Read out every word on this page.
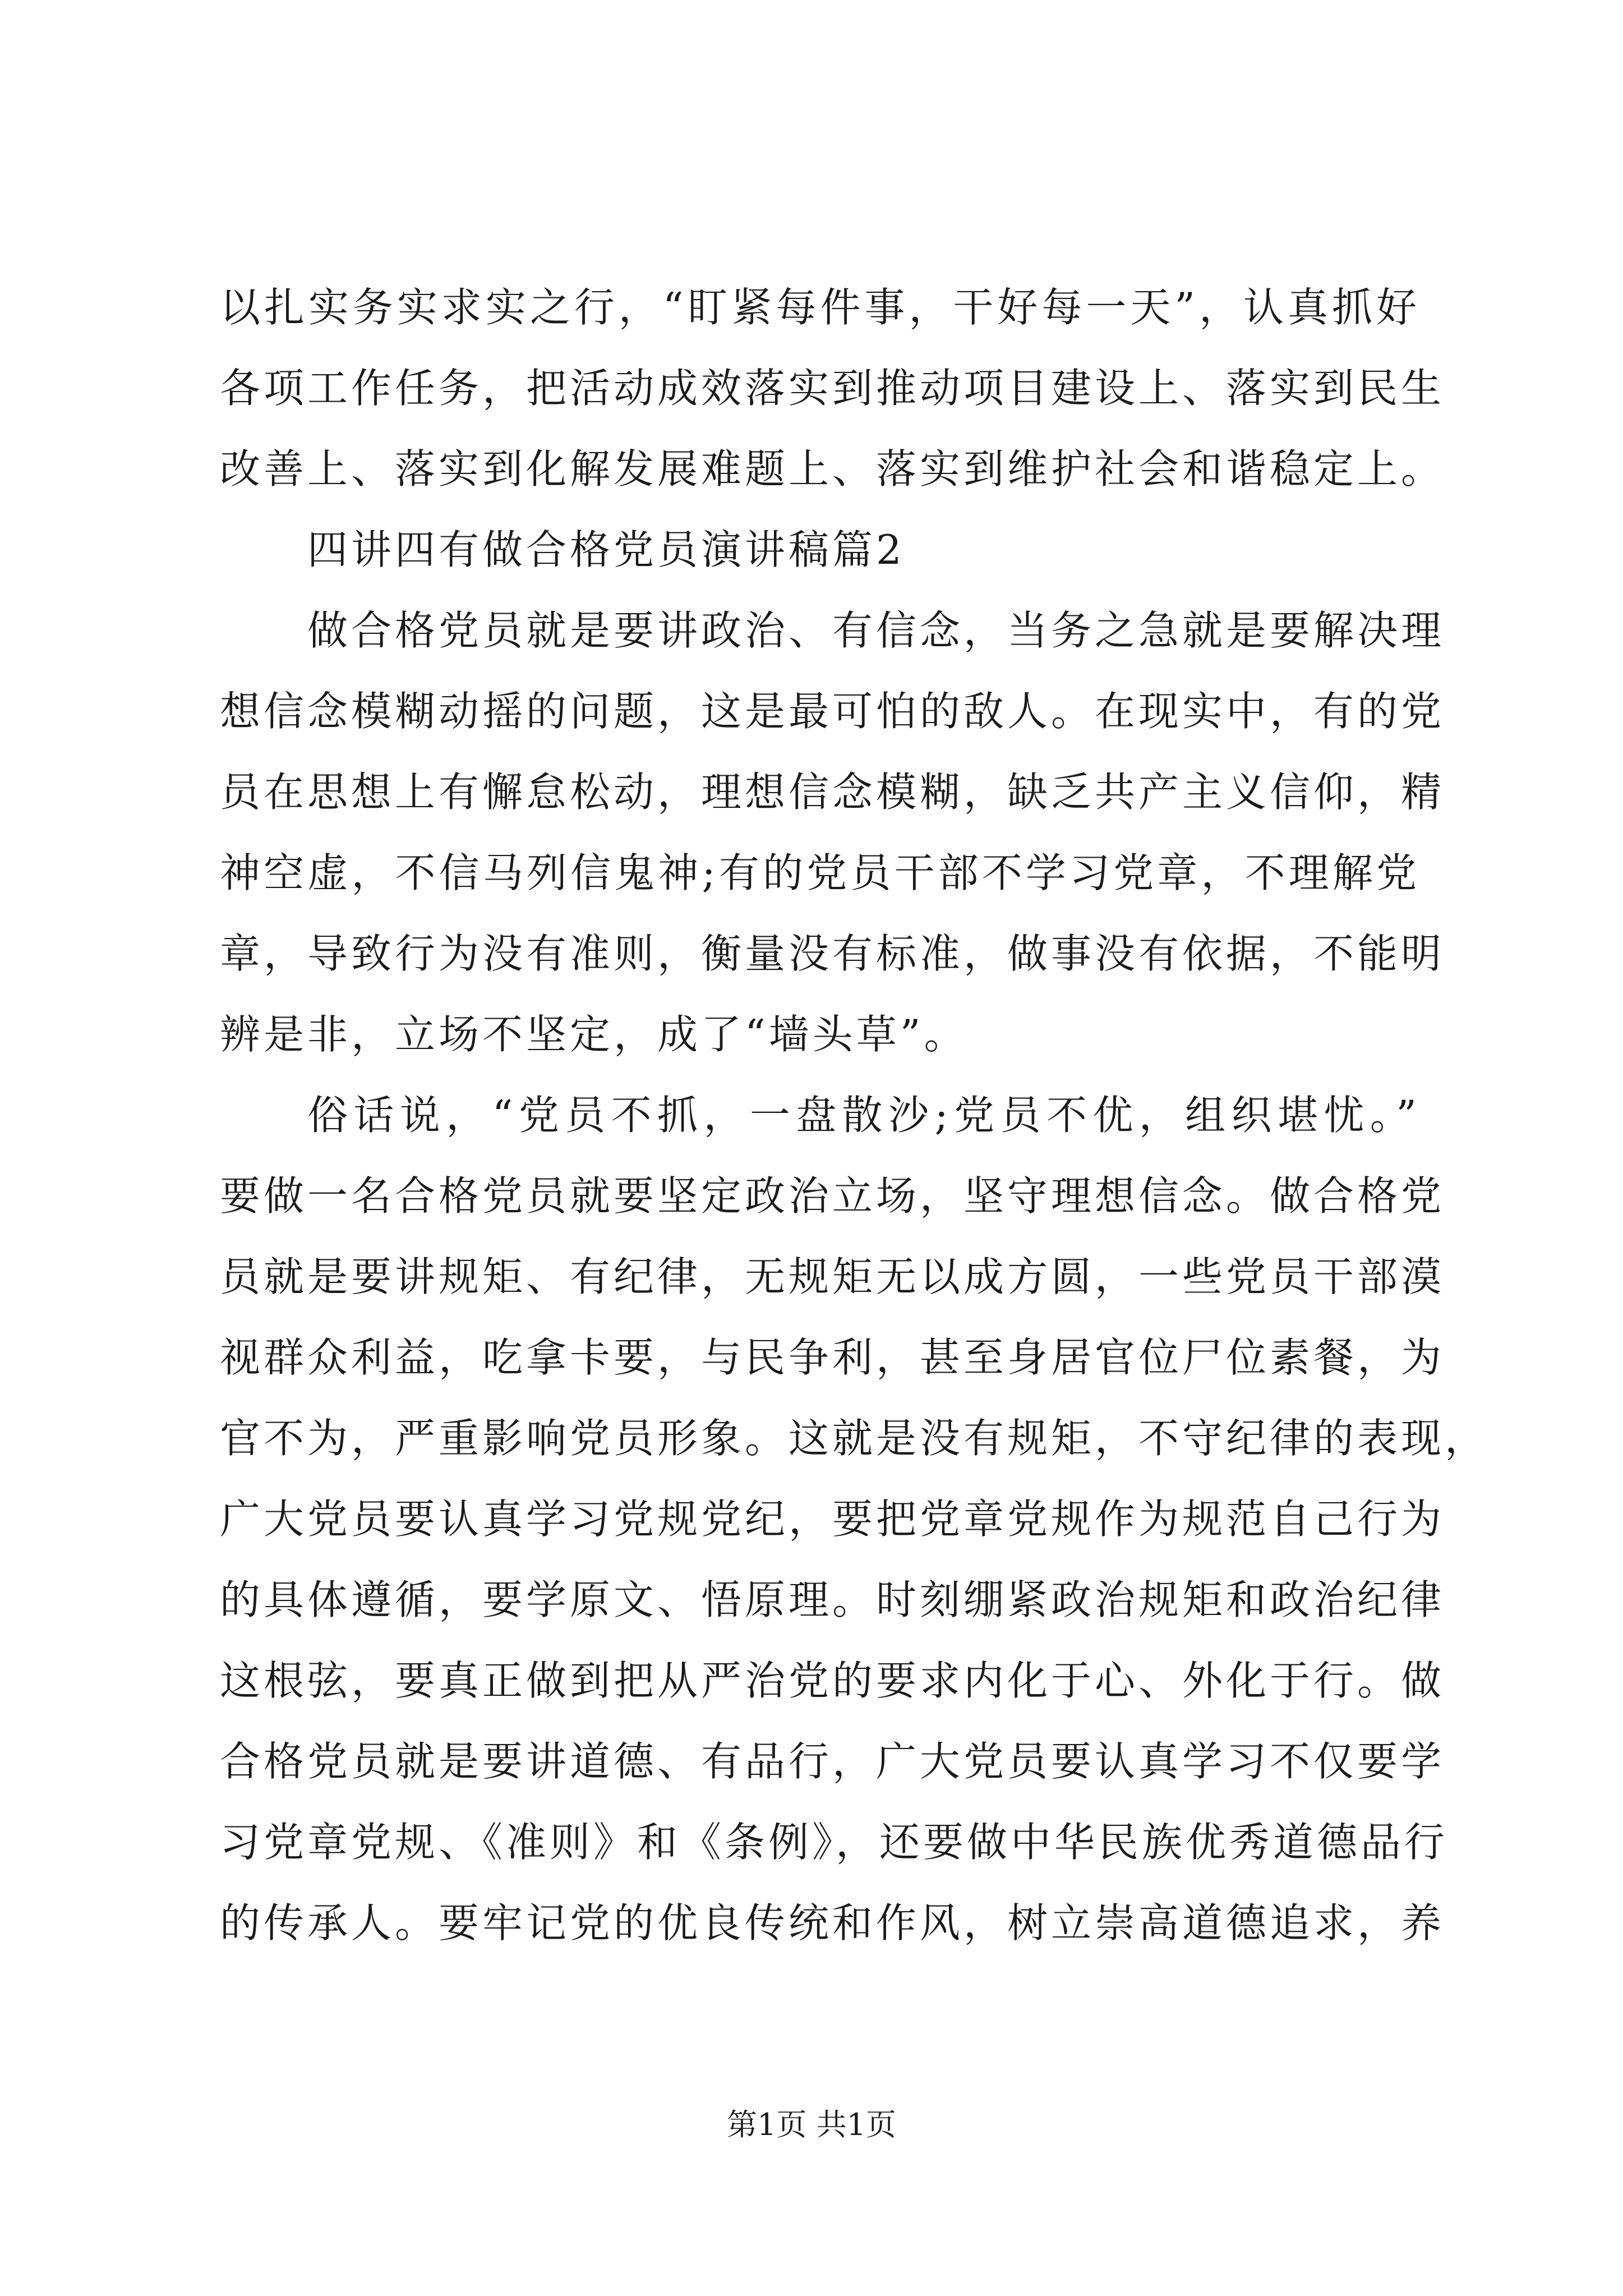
以扎实务实求实之行，“盯紧每件事，干好每一天”，认真抓好
各项工作任务，把活动成效落实到推动项目建设上、落实到民生
改善上、落实到化解发展难题上、落实到维护社会和谐稳定上。
四讲四有做合格党员演讲稿篇2
做合格党员就是要讲政治、有信念，当务之急就是要解决理
想信念模糊动摇的问题，这是最可怕的敌人。在现实中，有的党
员在思想上有懈怠松动，理想信念模糊，缺乏共产主义信仰，精
神空虚，不信马列信鬼神;有的党员干部不学习党章，不理解党
章，导致行为没有准则，衡量没有标准，做事没有依据，不能明
辨是非，立场不坚定，成了“墙头草”。
俗话说，“党员不抓，一盘散沙;党员不优，组织堪忧。”
要做一名合格党员就要坚定政治立场，坚守理想信念。做合格党
员就是要讲规矩、有纪律，无规矩无以成方圆，一些党员干部漠
视群众利益，吃拿卡要，与民争利，甚至身居官位尸位素餐，为
官不为，严重影响党员形象。这就是没有规矩，不守纪律的表现，
广大党员要认真学习党规党纪，要把党章党规作为规范自己行为
的具体遵循，要学原文、悟原理。时刻绷紧政治规矩和政治纪律
这根弦，要真正做到把从严治党的要求内化于心、外化于行。做
合格党员就是要讲道德、有品行，广大党员要认真学习不仅要学
习党章党规、《准则》和《条例》，还要做中华民族优秀道德品行
的传承人。要牢记党的优良传统和作风，树立崇高道德追求，养
第1页 共1页
